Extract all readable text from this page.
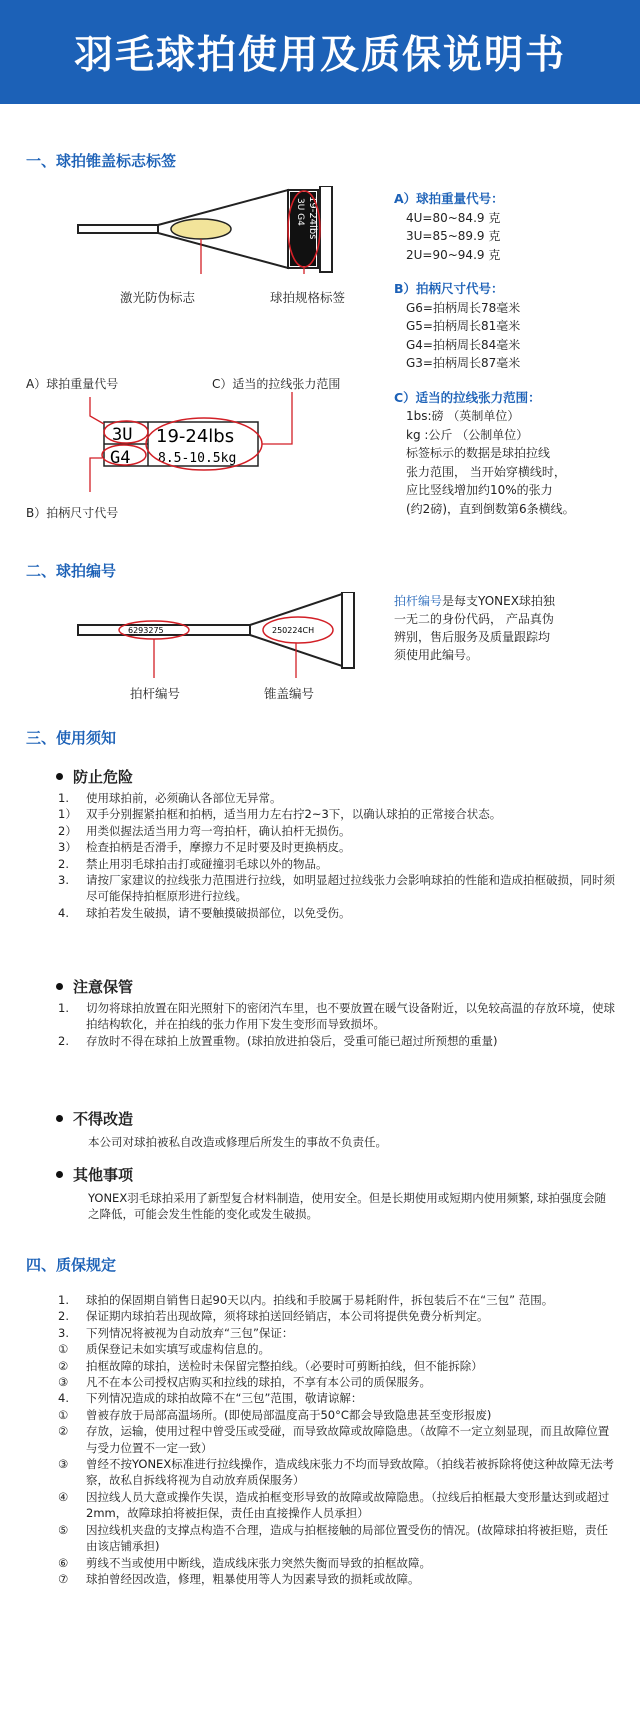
羽毛球拍使用及质保说明书
一、球拍锥盖标志标签
19-24lbs
3U G4
激光防伪标志	球拍规格标签
A）球拍重量代号	C）适当的拉线张力范围
B）拍柄尺寸代号
3U
G4
19-24lbs
8.5-10.5kg
A）球拍重量代号：
4U=80~84.9 克
3U=85~89.9 克
2U=90~94.9 克
B）拍柄尺寸代号：
G6=拍柄周长78毫米
G5=拍柄周长81毫米
G4=拍柄周长84毫米
G3=拍柄周长87毫米
C）适当的拉线张力范围：
1bs:磅 （英制单位）
kg :公斤 （公制单位）
标签标示的数据是球拍拉线
张力范围， 当开始穿横线时，
应比竖线增加约10%的张力
(约2磅)，直到倒数第6条横线。
二、球拍编号
6293275	250224CH
拍杆编号	锥盖编号
拍杆编号是每支YONEX球拍独
一无二的身份代码， 产品真伪
辨别，售后服务及质量跟踪均
须使用此编号。
三、使用须知
防止危险
1.	使用球拍前，必须确认各部位无异常。
1） 双手分别握紧拍框和拍柄，适当用力左右拧2~3下，以确认球拍的正常接合状态。
2） 用类似握法适当用力弯一弯拍杆，确认拍杆无损伤。
3） 检查拍柄是否滑手，摩擦力不足时要及时更换柄皮。
2.	禁止用羽毛球拍击打或碰撞羽毛球以外的物品。
3.	请按厂家建议的拉线张力范围进行拉线，如明显超过拉线张力会影响球拍的性能和造成拍框破损，同时须尽可能保持拍框原形进行拉线。
4.	球拍若发生破损，请不要触摸破损部位，以免受伤。
注意保管
1.	切勿将球拍放置在阳光照射下的密闭汽车里，也不要放置在暖气设备附近，以免较高温的存放环境，使球拍结构软化，并在拍线的张力作用下发生变形而导致损坏。
2.	存放时不得在球拍上放置重物。(球拍放进拍袋后，受重可能已超过所预想的重量)
不得改造
本公司对球拍被私自改造或修理后所发生的事故不负责任。
其他事项
YONEX羽毛球拍采用了新型复合材料制造，使用安全。但是长期使用或短期内使用频繁, 球拍强度会随之降低，可能会发生性能的变化或发生破损。
四、质保规定
1.	球拍的保固期自销售日起90天以内。拍线和手胶属于易耗附件，拆包装后不在“三包” 范围。
2.	保证期内球拍若出现故障，须将球拍送回经销店，本公司将提供免费分析判定。
3.	下列情况将被视为自动放弃“三包”保证：
①	质保登记未如实填写或虚构信息的。
②	拍框故障的球拍，送检时未保留完整拍线。（必要时可剪断拍线，但不能拆除）
③	凡不在本公司授权店购买和拉线的球拍，不享有本公司的质保服务。
4.	下列情况造成的球拍故障不在“三包”范围，敬请谅解：
①	曾被存放于局部高温场所。(即使局部温度高于50°C都会导致隐患甚至变形报废)
②	存放，运输，使用过程中曾受压或受碰，而导致故障或故障隐患。（故障不一定立刻显现，而且故障位置与受力位置不一定一致）
③	曾经不按YONEX标准进行拉线操作，造成线床张力不均而导致故障。（拍线若被拆除将使这种故障无法考察，故私自拆线将视为自动放弃质保服务）
④	因拉线人员大意或操作失误，造成拍框变形导致的故障或故障隐患。（拉线后拍框最大变形量达到或超过2mm，故障球拍将被拒保，责任由直接操作人员承担）
⑤	因拉线机夹盘的支撑点构造不合理，造成与拍框接触的局部位置受伤的情况。(故障球拍将被拒赔，责任由该店铺承担)
⑥	剪线不当或使用中断线，造成线床张力突然失衡而导致的拍框故障。
⑦	球拍曾经因改造，修理，粗暴使用等人为因素导致的损耗或故障。
